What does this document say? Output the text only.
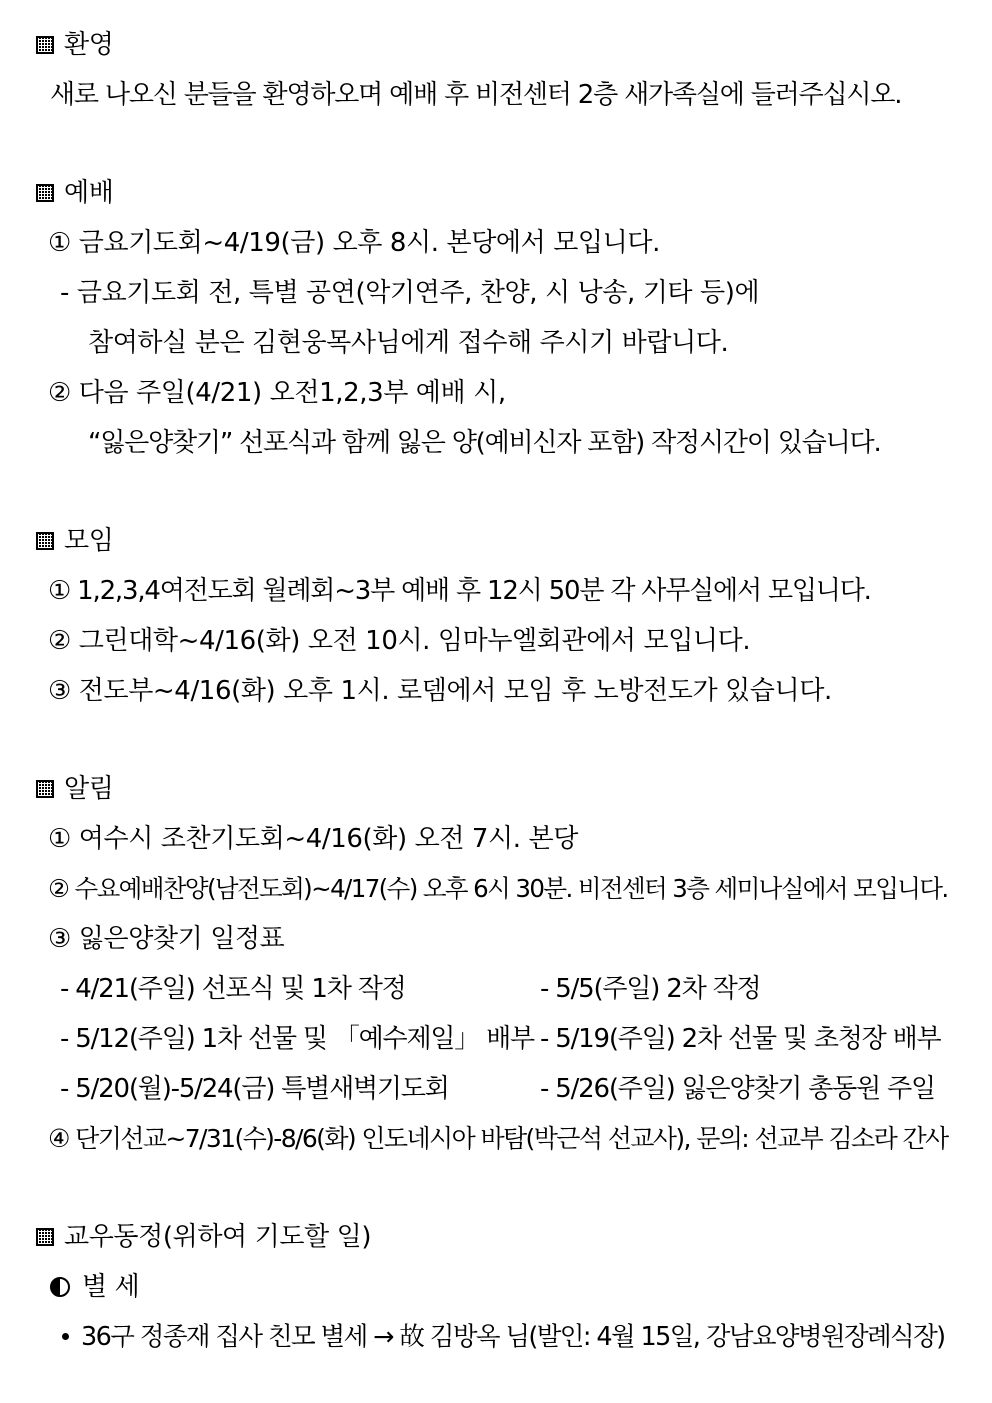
환영
새로 나오신 분들을 환영하오며 예배 후 비전센터 2층 새가족실에 들러주십시오.
예배
① 금요기도회~4/19(금) 오후 8시. 본당에서 모입니다.
- 금요기도회 전, 특별 공연(악기연주, 찬양, 시 낭송, 기타 등)에
참여하실 분은 김현웅목사님에게 접수해 주시기 바랍니다.
② 다음 주일(4/21) 오전1,2,3부 예배 시,
“잃은양찾기” 선포식과 함께 잃은 양(예비신자 포함) 작정시간이 있습니다.
모임
① 1,2,3,4여전도회 월례회~3부 예배 후 12시 50분 각 사무실에서 모입니다.
② 그린대학~4/16(화) 오전 10시. 임마누엘회관에서 모입니다.
③ 전도부~4/16(화) 오후 1시. 로뎀에서 모임 후 노방전도가 있습니다.
알림
① 여수시 조찬기도회~4/16(화) 오전 7시. 본당
② 수요예배찬양(남전도회)~4/17(수) 오후 6시 30분. 비전센터 3층 세미나실에서 모입니다.
③ 잃은양찾기 일정표
- 4/21(주일) 선포식 및 1차 작정	- 5/5(주일) 2차 작정
- 5/12(주일) 1차 선물 및 「예수제일」 배부 - 5/19(주일) 2차 선물 및 초청장 배부
- 5/20(월)-5/24(금) 특별새벽기도회	- 5/26(주일) 잃은양찾기 총동원 주일
④ 단기선교~7/31(수)-8/6(화) 인도네시아 바탐(박근석 선교사), 문의: 선교부 김소라 간사
교우동정(위하여 기도할 일)
별 세
36구 정종재 집사 친모 별세 → 故 김방옥 님(발인: 4월 15일, 강남요양병원장례식장)
